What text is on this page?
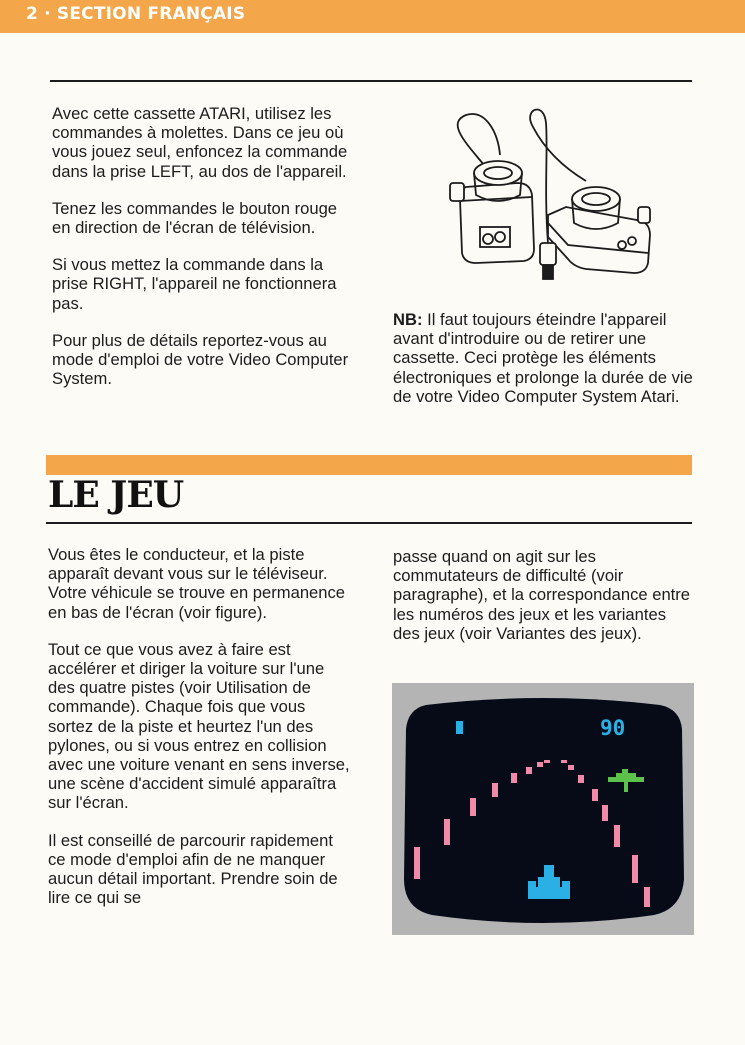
2 · SECTION FRANÇAIS

Avec cette cassette ATARI, utilisez les commandes à molettes. Dans ce jeu où vous jouez seul, enfoncez la commande dans la prise LEFT, au dos de l'appareil.

Tenez les commandes le bouton rouge en direction de l'écran de télévision.

Si vous mettez la commande dans la prise RIGHT, l'appareil ne fonctionnera pas.

Pour plus de détails reportez-vous au mode d'emploi de votre Video Computer System.

NB: Il faut toujours éteindre l'appareil avant d'introduire ou de retirer une cassette. Ceci protège les éléments électroniques et prolonge la durée de vie de votre Video Computer System Atari.

LE JEU

Vous êtes le conducteur, et la piste apparaît devant vous sur le téléviseur. Votre véhicule se trouve en permanence en bas de l'écran (voir figure).

Tout ce que vous avez à faire est accélérer et diriger la voiture sur l'une des quatre pistes (voir Utilisation de commande). Chaque fois que vous sortez de la piste et heurtez l'un des pylones, ou si vous entrez en collision avec une voiture venant en sens inverse, une scène d'accident simulé apparaîtra sur l'écran.

Il est conseillé de parcourir rapidement ce mode d'emploi afin de ne manquer aucun détail important. Prendre soin de lire ce qui se

passe quand on agit sur les commutateurs de difficulté (voir paragraphe), et la correspondance entre les numéros des jeux et les variantes des jeux (voir Variantes des jeux).

90
